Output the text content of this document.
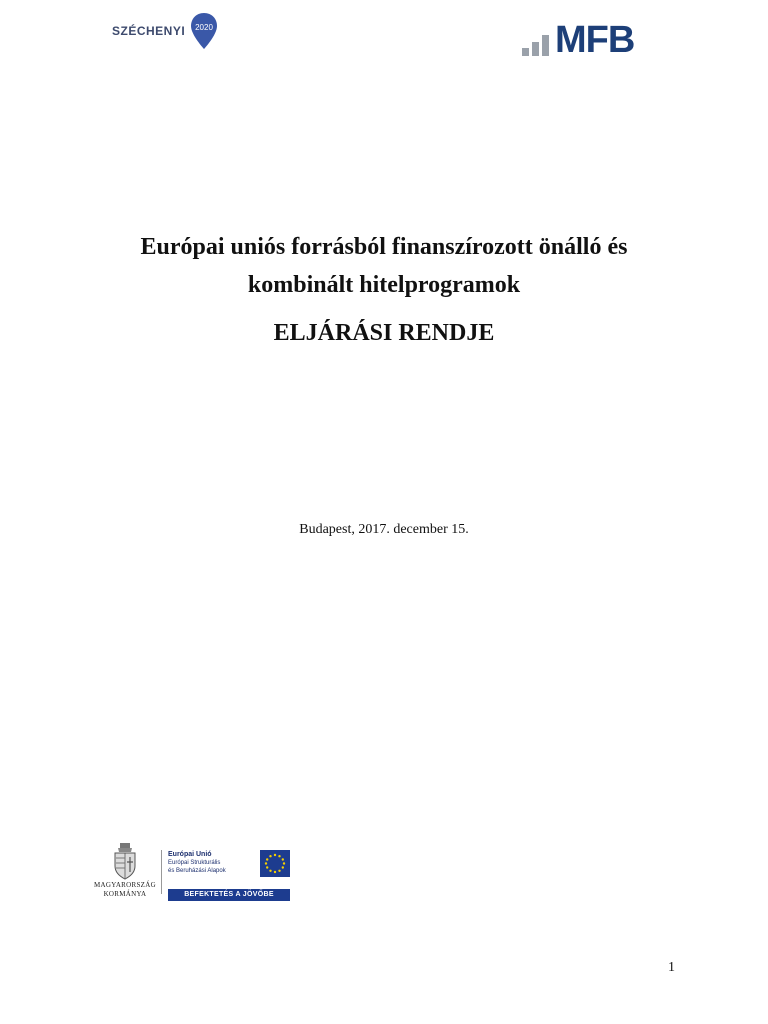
SZÉCHENYI 2020	MFB

Európai uniós forrásból finanszírozott önálló és

kombinált hitelprogramok

ELJÁRÁSI RENDJE
Budapest, 2017. december 15.
MAGYARORSZÁG
KORMÁNYA
Európai Unió
Európai Strukturális
és Beruházási Alapok
BEFEKTETÉS A JÖVŐBE
1
